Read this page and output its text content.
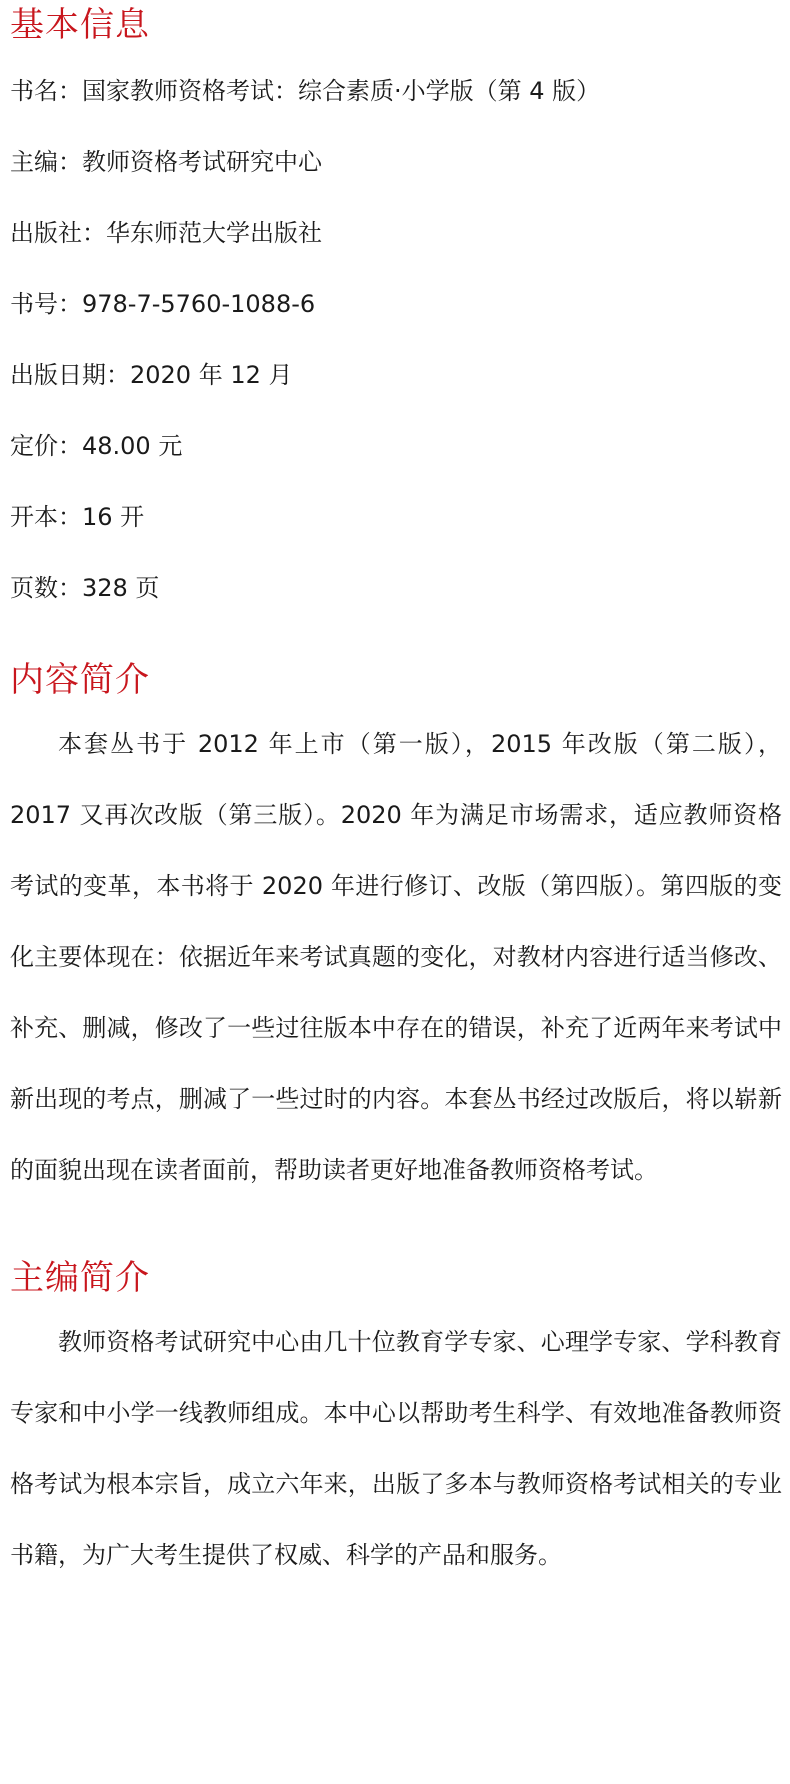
基本信息

书名：国家教师资格考试：综合素质·小学版（第 4 版）

主编：教师资格考试研究中心

出版社：华东师范大学出版社

书号：978-7-5760-1088-6

出版日期：2020 年 12 月

定价：48.00 元

开本：16 开

页数：328 页

内容简介

本套丛书于 2012 年上市（第一版），2015 年改版（第二版），2017 又再次改版（第三版）。2020 年为满足市场需求，适应教师资格考试的变革，本书将于 2020 年进行修订、改版（第四版）。第四版的变化主要体现在：依据近年来考试真题的变化，对教材内容进行适当修改、补充、删减，修改了一些过往版本中存在的错误，补充了近两年来考试中新出现的考点，删减了一些过时的内容。本套丛书经过改版后，将以崭新的面貌出现在读者面前，帮助读者更好地准备教师资格考试。

主编简介

教师资格考试研究中心由几十位教育学专家、心理学专家、学科教育专家和中小学一线教师组成。本中心以帮助考生科学、有效地准备教师资格考试为根本宗旨，成立六年来，出版了多本与教师资格考试相关的专业书籍，为广大考生提供了权威、科学的产品和服务。
